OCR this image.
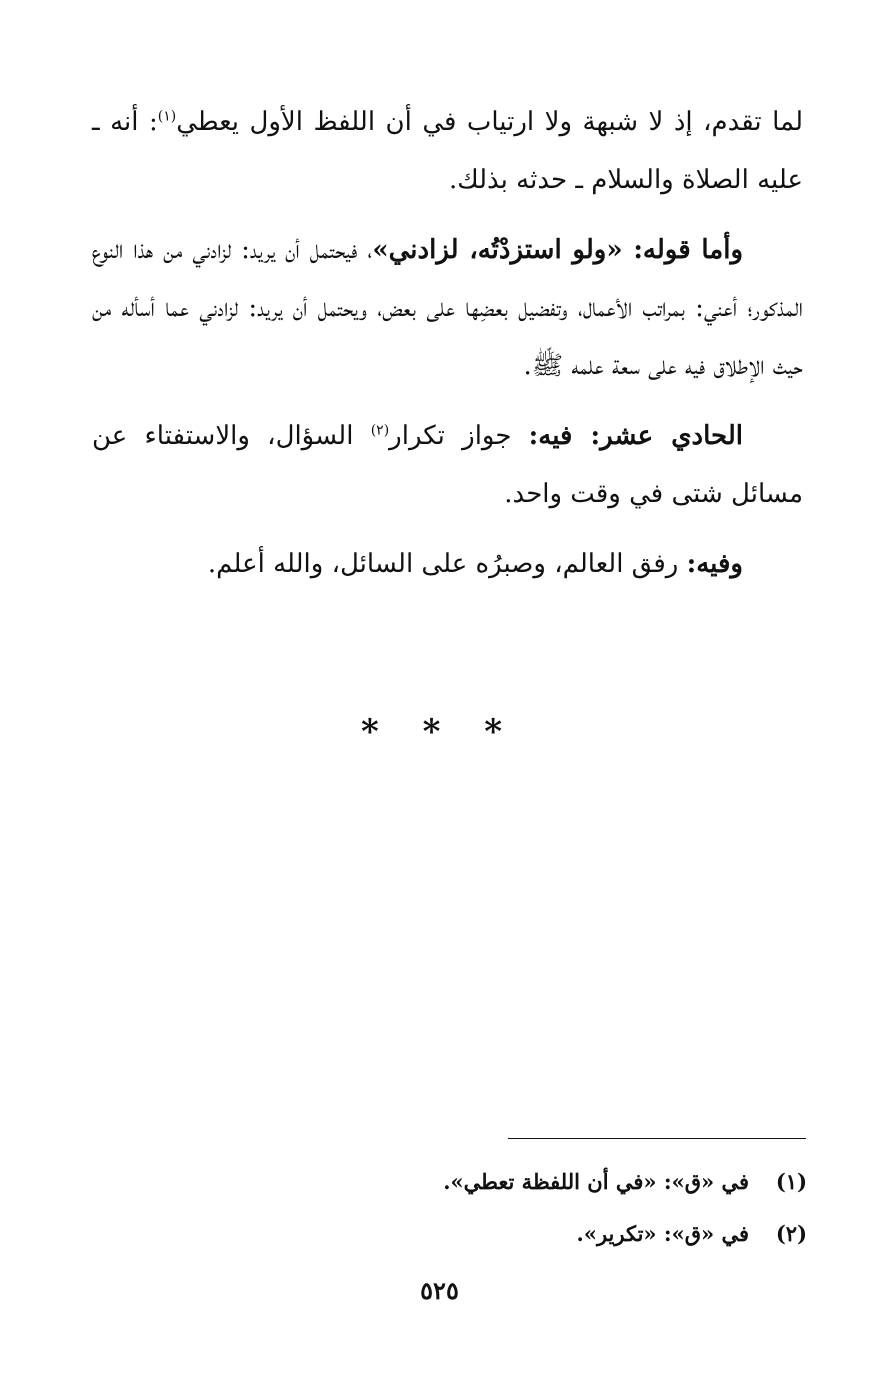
لما تقدم، إذ لا شبهة ولا ارتياب في أن اللفظ الأول يعطي$^{(١)}$: أنه ـ عليه الصلاة والسلام ـ حدثه بذلك.

وأما قوله: «ولو استزدْتُه، لزادني»، فيحتمل أن يريد: لزادني من هذا النوع المذكور؛ أعني: بمراتب الأعمال، وتفضيل بعضِها على بعض، ويحتمل أن يريد: لزادني عما أسأله من حيث الإطلاق فيه على سعة علمه ﷺ.

الحادي عشر: فيه: جواز تكرار$^{(٢)}$ السؤال، والاستفتاء عن مسائل شتى في وقت واحد.

وفيه: رفق العالم، وصبرُه على السائل، والله أعلم.

* * *
(١)في «ق»: «في أن اللفظة تعطي».
(٢)في «ق»: «تكرير».
٥٢٥
